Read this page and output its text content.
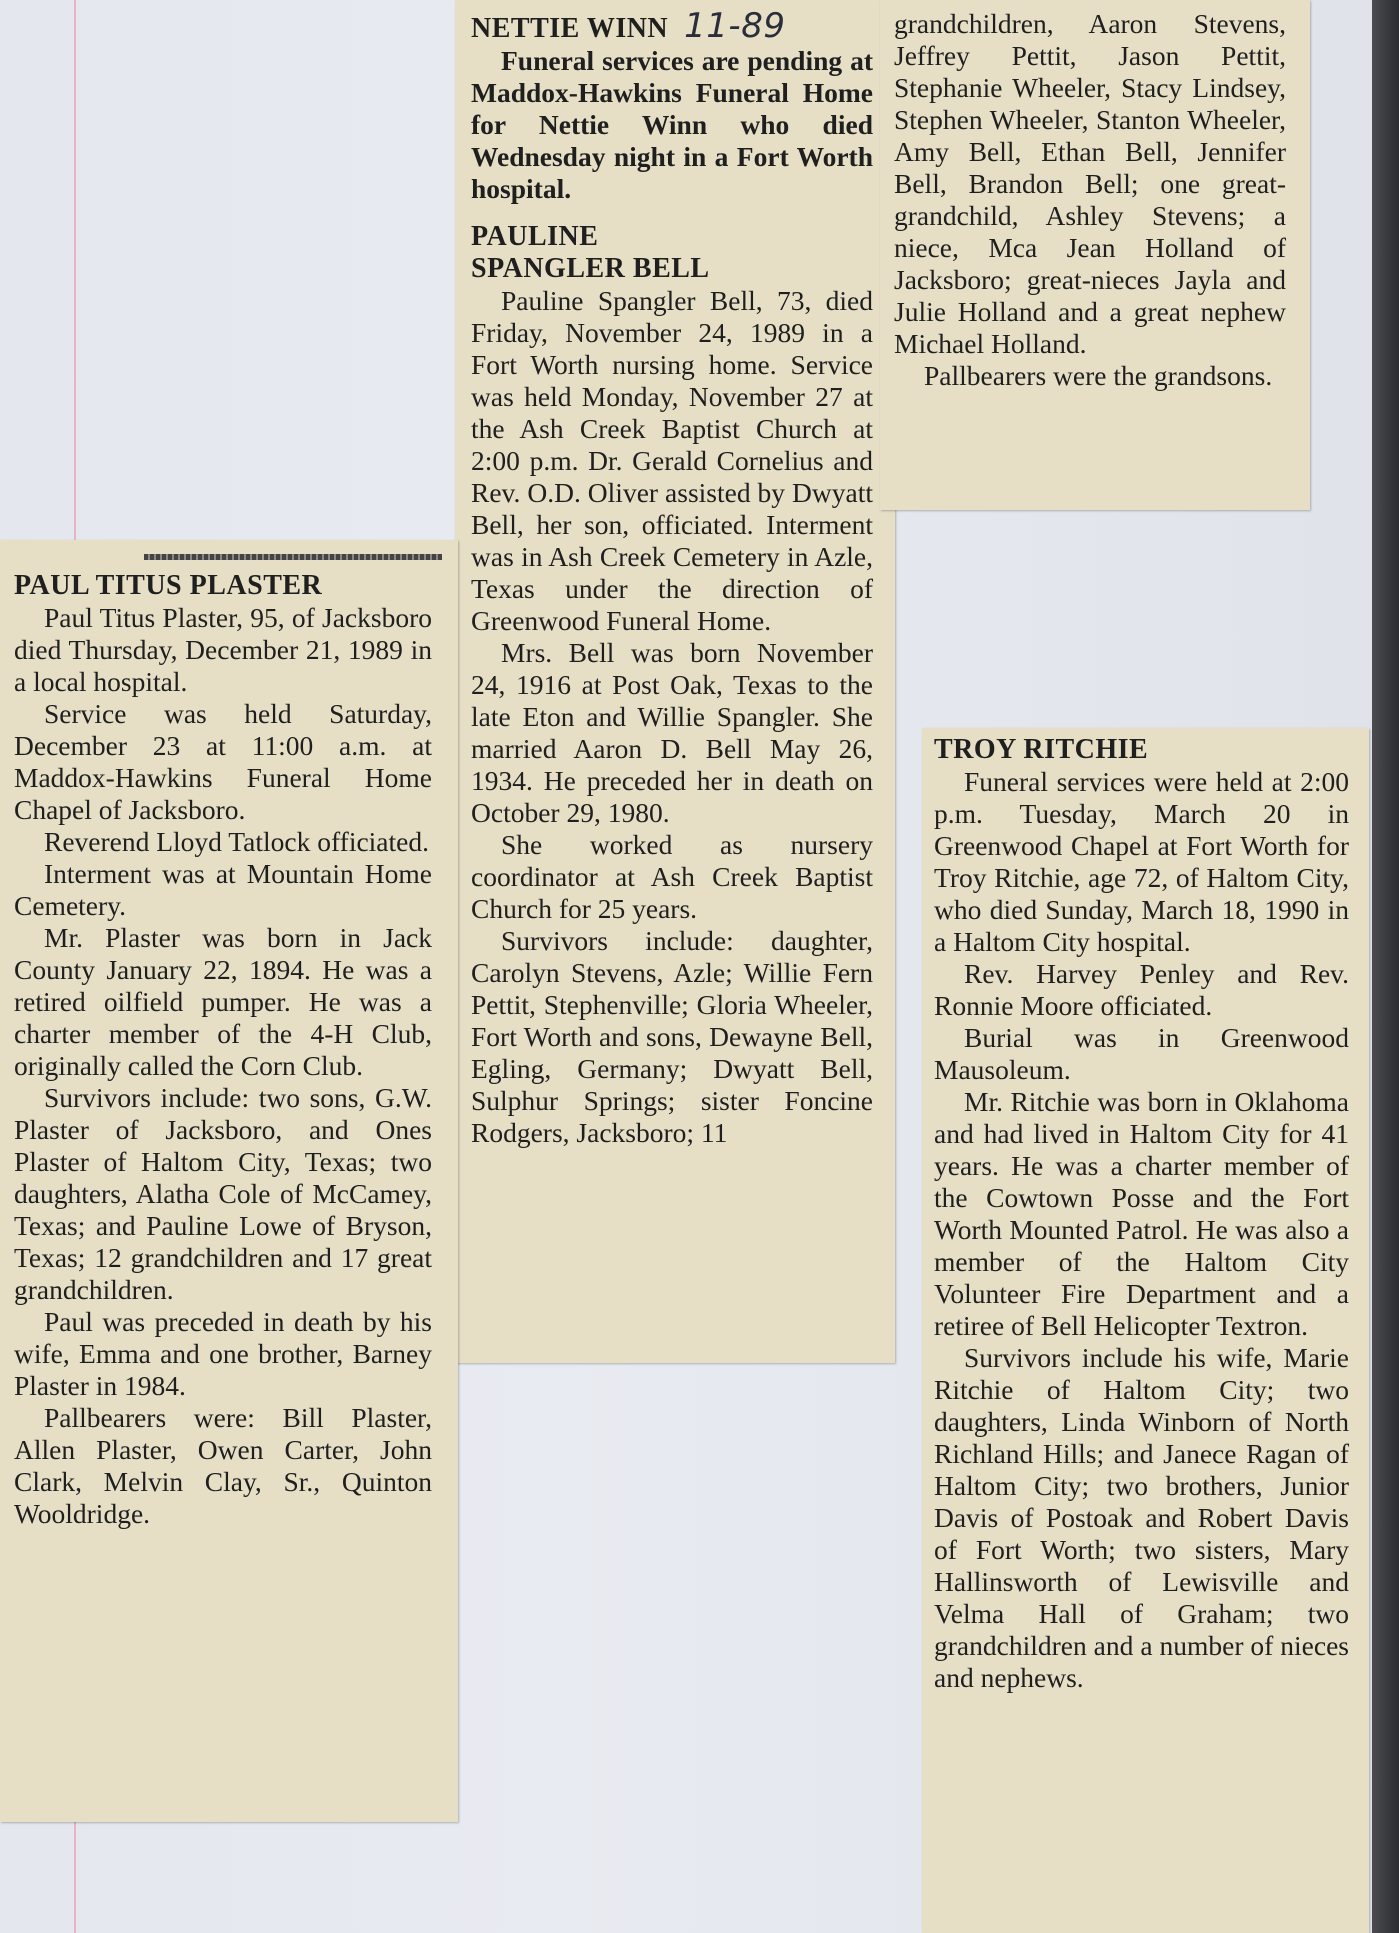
NETTIE WINN 11-89

Funeral services are pending at Maddox-Hawkins Funeral Home for Nettie Winn who died Wednesday night in a Fort Worth hospital.

PAULINE
SPANGLER BELL

Pauline Spangler Bell, 73, died Friday, November 24, 1989 in a Fort Worth nursing home. Service was held Monday, November 27 at the Ash Creek Baptist Church at 2:00 p.m. Dr. Gerald Cornelius and Rev. O.D. Oliver assisted by Dwyatt Bell, her son, officiated. Interment was in Ash Creek Cemetery in Azle, Texas under the direction of Greenwood Funeral Home.

Mrs. Bell was born November 24, 1916 at Post Oak, Texas to the late Eton and Willie Spangler. She married Aaron D. Bell May 26, 1934. He preceded her in death on October 29, 1980.

She worked as nursery coordinator at Ash Creek Baptist Church for 25 years.

Survivors include: daughter, Carolyn Stevens, Azle; Willie Fern Pettit, Stephenville; Gloria Wheeler, Fort Worth and sons, Dewayne Bell, Egling, Germany; Dwyatt Bell, Sulphur Springs; sister Foncine Rodgers, Jacksboro; 11

grandchildren, Aaron Stevens, Jeffrey Pettit, Jason Pettit, Stephanie Wheeler, Stacy Lindsey, Stephen Wheeler, Stanton Wheeler, Amy Bell, Ethan Bell, Jennifer Bell, Brandon Bell; one great-grandchild, Ashley Stevens; a niece, Mca Jean Holland of Jacksboro; great-nieces Jayla and Julie Holland and a great nephew Michael Holland.

Pallbearers were the grandsons.

PAUL TITUS PLASTER

Paul Titus Plaster, 95, of Jacksboro died Thursday, December 21, 1989 in a local hospital.

Service was held Saturday, December 23 at 11:00 a.m. at Maddox-Hawkins Funeral Home Chapel of Jacksboro.

Reverend Lloyd Tatlock officiated.

Interment was at Mountain Home Cemetery.

Mr. Plaster was born in Jack County January 22, 1894. He was a retired oilfield pumper. He was a charter member of the 4-H Club, originally called the Corn Club.

Survivors include: two sons, G.W. Plaster of Jacksboro, and Ones Plaster of Haltom City, Texas; two daughters, Alatha Cole of McCamey, Texas; and Pauline Lowe of Bryson, Texas; 12 grandchildren and 17 great grandchildren.

Paul was preceded in death by his wife, Emma and one brother, Barney Plaster in 1984.

Pallbearers were: Bill Plaster, Allen Plaster, Owen Carter, John Clark, Melvin Clay, Sr., Quinton Wooldridge.

TROY RITCHIE

Funeral services were held at 2:00 p.m. Tuesday, March 20 in Greenwood Chapel at Fort Worth for Troy Ritchie, age 72, of Haltom City, who died Sunday, March 18, 1990 in a Haltom City hospital.

Rev. Harvey Penley and Rev. Ronnie Moore officiated.

Burial was in Greenwood Mausoleum.

Mr. Ritchie was born in Oklahoma and had lived in Haltom City for 41 years. He was a charter member of the Cowtown Posse and the Fort Worth Mounted Patrol. He was also a member of the Haltom City Volunteer Fire Department and a retiree of Bell Helicopter Textron.

Survivors include his wife, Marie Ritchie of Haltom City; two daughters, Linda Winborn of North Richland Hills; and Janece Ragan of Haltom City; two brothers, Junior Davis of Postoak and Robert Davis of Fort Worth; two sisters, Mary Hallinsworth of Lewisville and Velma Hall of Graham; two grandchildren and a number of nieces and nephews.
